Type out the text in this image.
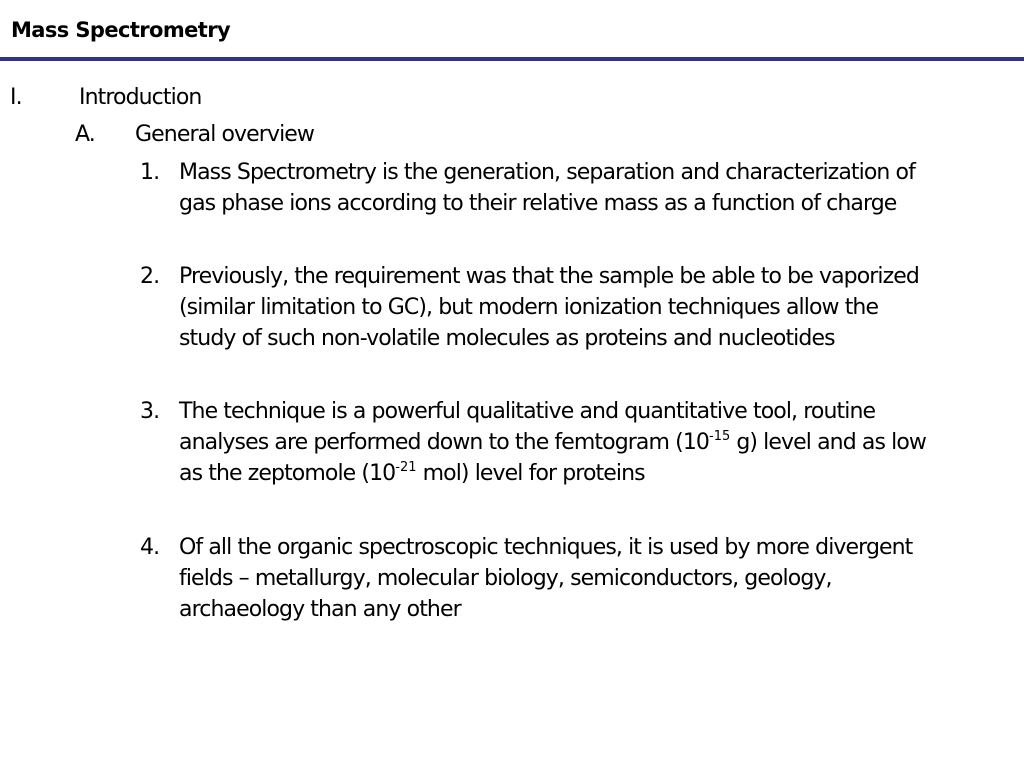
Mass Spectrometry
I.	Introduction
A. General overview
1. Mass Spectrometry is the generation, separation and characterization of
gas phase ions according to their relative mass as a function of charge
2. Previously, the requirement was that the sample be able to be vaporized
(similar limitation to GC), but modern ionization techniques allow the
study of such non-volatile molecules as proteins and nucleotides
3. The technique is a powerful qualitative and quantitative tool, routine
analyses are performed down to the femtogram ($10^{-15}$ g) level and as low
as the zeptomole ($10^{-21}$ mol) level for proteins
4. Of all the organic spectroscopic techniques, it is used by more divergent
fields – metallurgy, molecular biology, semiconductors, geology,
archaeology than any other
